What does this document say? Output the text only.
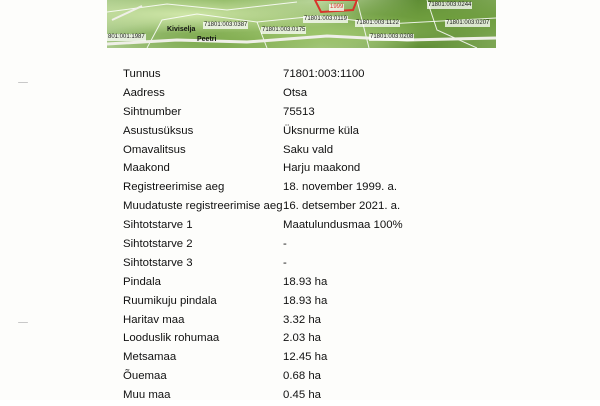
71801:003:0387
71801:003:0175
71801:003:0119
71801:003:1122
71801:003:0208
71801:003:0207
71801:003:0244
801:001:1987
1999
Kiviselja
Peetri
Tunnus	71801:003:1100
Aadress	Otsa
Sihtnumber	75513
Asustusüksus	Üksnurme küla
Omavalitsus	Saku vald
Maakond	Harju maakond
Registreerimise aeg	18. november 1999. a.
Muudatuste registreerimise aeg 16. detsember 2021. a.
Sihtotstarve 1	Maatulundusmaa 100%
Sihtotstarve 2	-
Sihtotstarve 3	-
Pindala	18.93 ha
Ruumikuju pindala	18.93 ha
Haritav maa	3.32 ha
Looduslik rohumaa	2.03 ha
Metsamaa	12.45 ha
Õuemaa	0.68 ha
Muu maa	0.45 ha
